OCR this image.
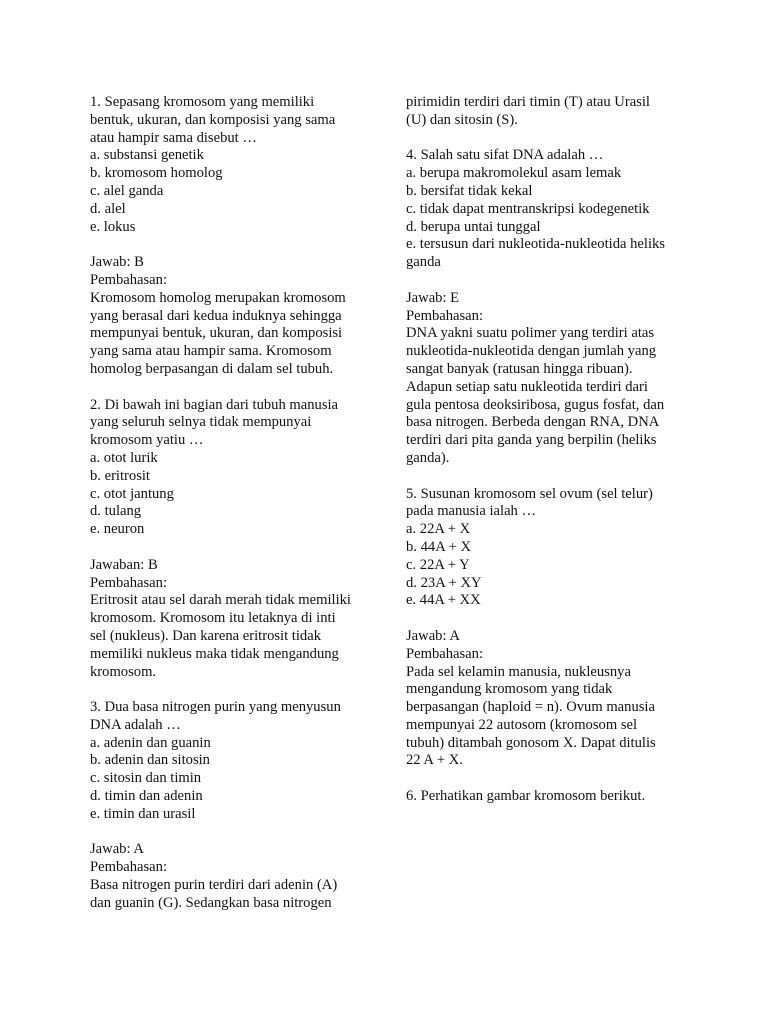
1. Sepasang kromosom yang memiliki
bentuk, ukuran, dan komposisi yang sama
atau hampir sama disebut …
a. substansi genetik
b. kromosom homolog
c. alel ganda
d. alel
e. lokus
Jawab: B
Pembahasan:
Kromosom homolog merupakan kromosom
yang berasal dari kedua induknya sehingga
mempunyai bentuk, ukuran, dan komposisi
yang sama atau hampir sama. Kromosom
homolog berpasangan di dalam sel tubuh.
2. Di bawah ini bagian dari tubuh manusia
yang seluruh selnya tidak mempunyai
kromosom yatiu …
a. otot lurik
b. eritrosit
c. otot jantung
d. tulang
e. neuron
Jawaban: B
Pembahasan:
Eritrosit atau sel darah merah tidak memiliki
kromosom. Kromosom itu letaknya di inti
sel (nukleus). Dan karena eritrosit tidak
memiliki nukleus maka tidak mengandung
kromosom.
3. Dua basa nitrogen purin yang menyusun
DNA adalah …
a. adenin dan guanin
b. adenin dan sitosin
c. sitosin dan timin
d. timin dan adenin
e. timin dan urasil
Jawab: A
Pembahasan:
Basa nitrogen purin terdiri dari adenin (A)
dan guanin (G). Sedangkan basa nitrogen
pirimidin terdiri dari timin (T) atau Urasil
(U) dan sitosin (S).
4. Salah satu sifat DNA adalah …
a. berupa makromolekul asam lemak
b. bersifat tidak kekal
c. tidak dapat mentranskripsi kodegenetik
d. berupa untai tunggal
e. tersusun dari nukleotida-nukleotida heliks
ganda
Jawab: E
Pembahasan:
DNA yakni suatu polimer yang terdiri atas
nukleotida-nukleotida dengan jumlah yang
sangat banyak (ratusan hingga ribuan).
Adapun setiap satu nukleotida terdiri dari
gula pentosa deoksiribosa, gugus fosfat, dan
basa nitrogen. Berbeda dengan RNA, DNA
terdiri dari pita ganda yang berpilin (heliks
ganda).
5. Susunan kromosom sel ovum (sel telur)
pada manusia ialah …
a. 22A + X
b. 44A + X
c. 22A + Y
d. 23A + XY
e. 44A + XX
Jawab: A
Pembahasan:
Pada sel kelamin manusia, nukleusnya
mengandung kromosom yang tidak
berpasangan (haploid = n). Ovum manusia
mempunyai 22 autosom (kromosom sel
tubuh) ditambah gonosom X. Dapat ditulis
22 A + X.
6. Perhatikan gambar kromosom berikut.
